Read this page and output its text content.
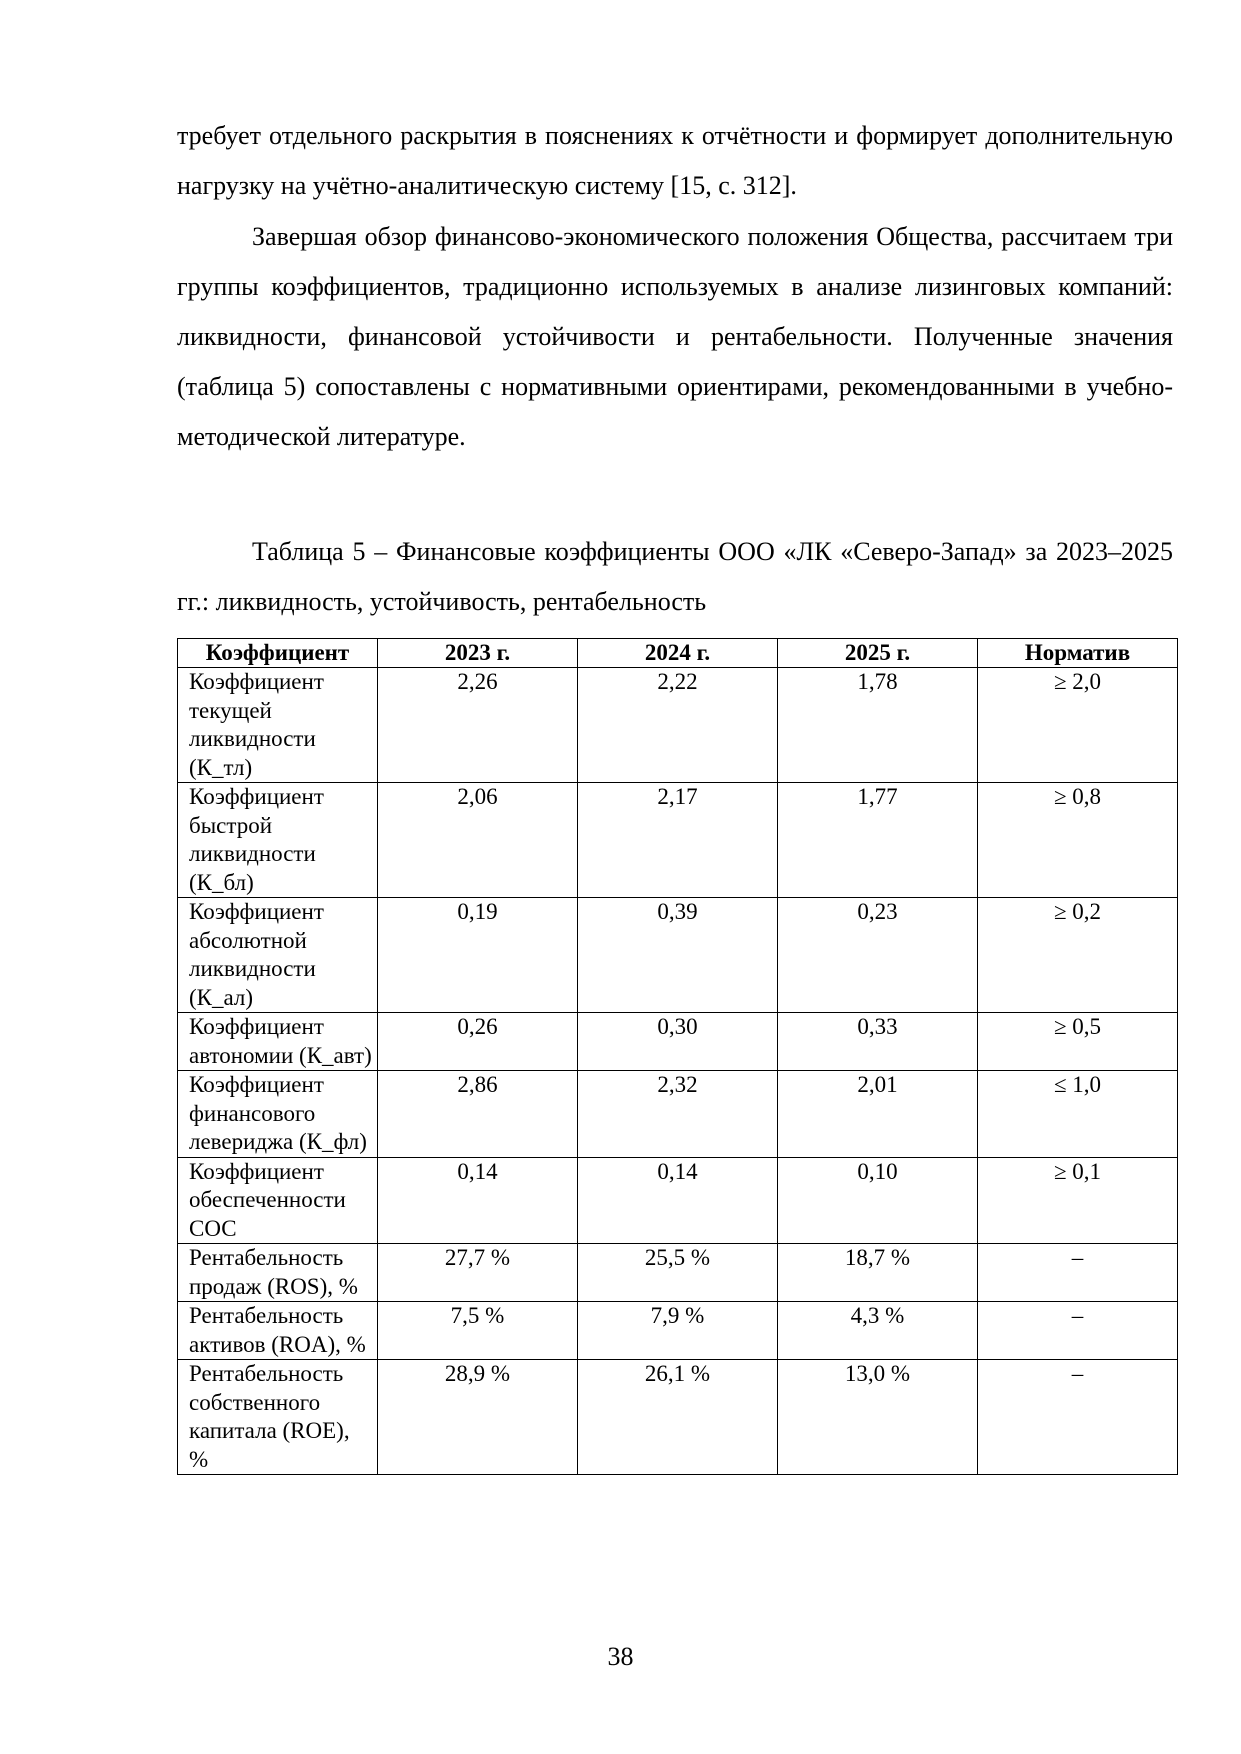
требует отдельного раскрытия в пояснениях к отчётности и формирует дополнительную нагрузку на учётно-аналитическую систему [15, с. 312].
Завершая обзор финансово-экономического положения Общества, рассчитаем три группы коэффициентов, традиционно используемых в анализе лизинговых компаний: ликвидности, финансовой устойчивости и рентабельности. Полученные значения (таблица 5) сопоставлены с нормативными ориентирами, рекомендованными в учебно-методической литературе.
Таблица 5 – Финансовые коэффициенты ООО «ЛК «Северо-Запад» за 2023–2025 гг.: ликвидность, устойчивость, рентабельность
Коэффициент	2023 г.	2024 г.	2025 г.	Норматив
Коэффициент текущей ликвидности (К_тл)	2,26	2,22	1,78	≥ 2,0
Коэффициент быстрой ликвидности (К_бл)	2,06	2,17	1,77	≥ 0,8
Коэффициент абсолютной ликвидности (К_ал)	0,19	0,39	0,23	≥ 0,2
Коэффициент автономии (К_авт)	0,26	0,30	0,33	≥ 0,5
Коэффициент финансового левериджа (К_фл)	2,86	2,32	2,01	≤ 1,0
Коэффициент обеспеченности СОС	0,14	0,14	0,10	≥ 0,1
Рентабельность продаж (ROS), %	27,7 %	25,5 %	18,7 %	–
Рентабельность активов (ROA), %	7,5 %	7,9 %	4,3 %	–
Рентабельность собственного капитала (ROE), %	28,9 %	26,1 %	13,0 %	–
38
